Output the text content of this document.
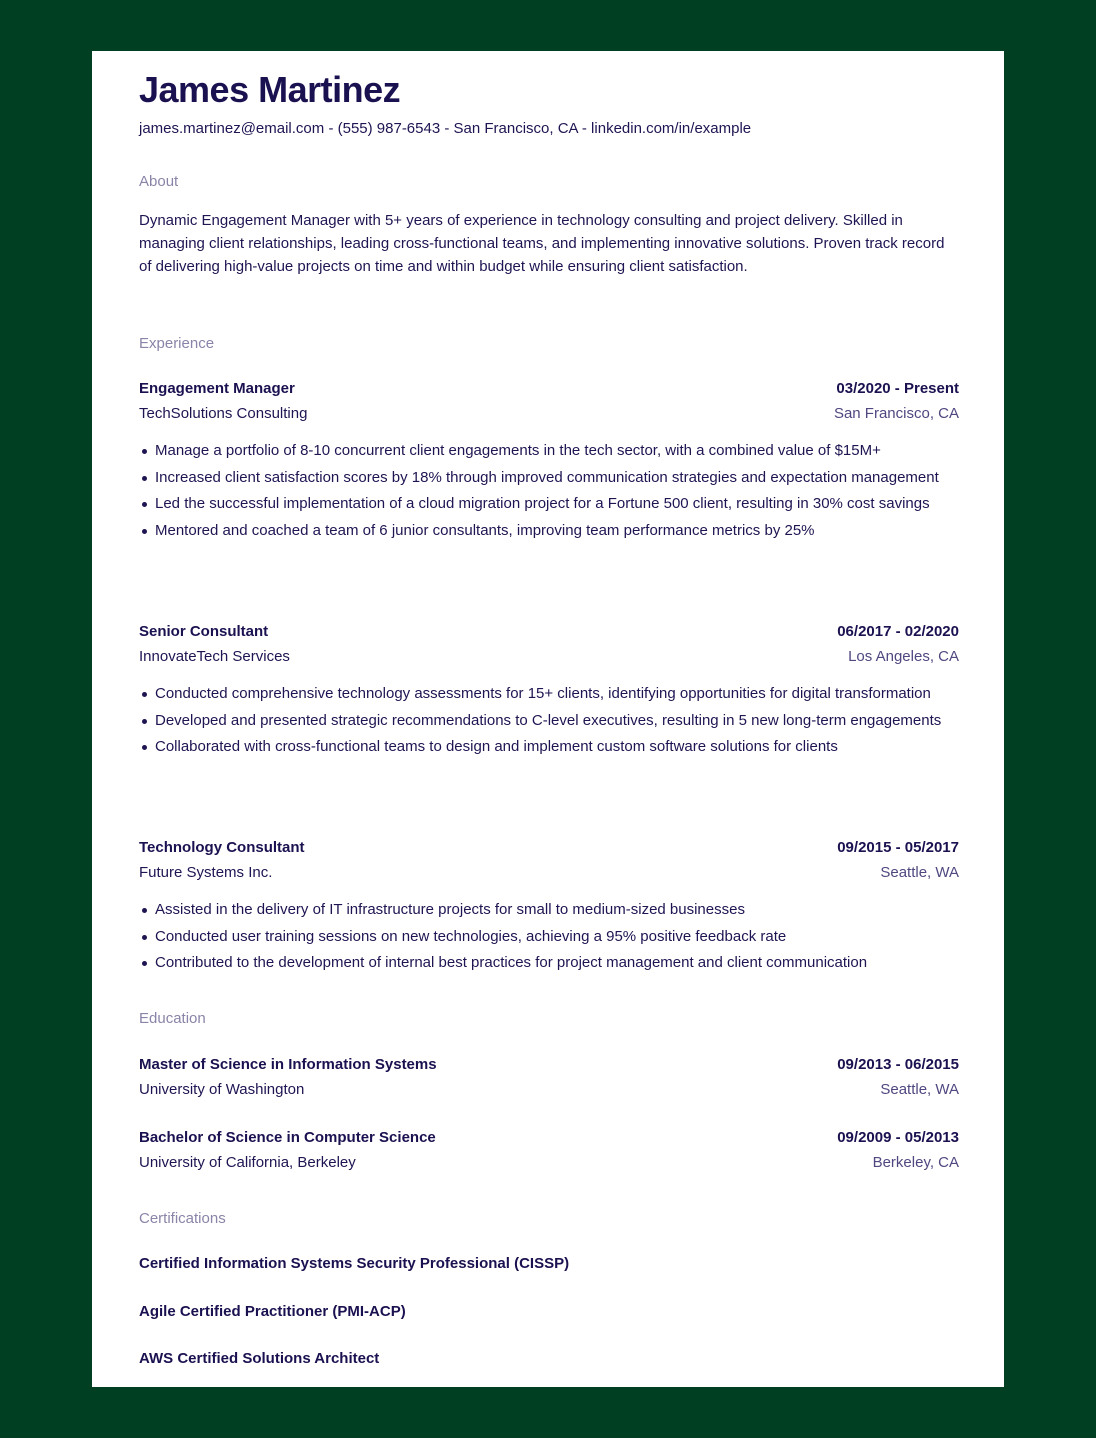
James Martinez
james.martinez@email.com - (555) 987-6543 - San Francisco, CA - linkedin.com/in/example
About
Dynamic Engagement Manager with 5+ years of experience in technology consulting and project delivery. Skilled in managing client relationships, leading cross-functional teams, and implementing innovative solutions. Proven track record of delivering high-value projects on time and within budget while ensuring client satisfaction.
Experience
Engagement Manager	03/2020 - Present
TechSolutions Consulting	San Francisco, CA
Manage a portfolio of 8-10 concurrent client engagements in the tech sector, with a combined value of $15M+
Increased client satisfaction scores by 18% through improved communication strategies and expectation management
Led the successful implementation of a cloud migration project for a Fortune 500 client, resulting in 30% cost savings
Mentored and coached a team of 6 junior consultants, improving team performance metrics by 25%
Senior Consultant	06/2017 - 02/2020
InnovateTech Services	Los Angeles, CA
Conducted comprehensive technology assessments for 15+ clients, identifying opportunities for digital transformation
Developed and presented strategic recommendations to C-level executives, resulting in 5 new long-term engagements
Collaborated with cross-functional teams to design and implement custom software solutions for clients
Technology Consultant	09/2015 - 05/2017
Future Systems Inc.	Seattle, WA
Assisted in the delivery of IT infrastructure projects for small to medium-sized businesses
Conducted user training sessions on new technologies, achieving a 95% positive feedback rate
Contributed to the development of internal best practices for project management and client communication
Education
Master of Science in Information Systems	09/2013 - 06/2015
University of Washington	Seattle, WA
Bachelor of Science in Computer Science	09/2009 - 05/2013
University of California, Berkeley	Berkeley, CA
Certifications
Certified Information Systems Security Professional (CISSP)
Agile Certified Practitioner (PMI-ACP)
AWS Certified Solutions Architect
